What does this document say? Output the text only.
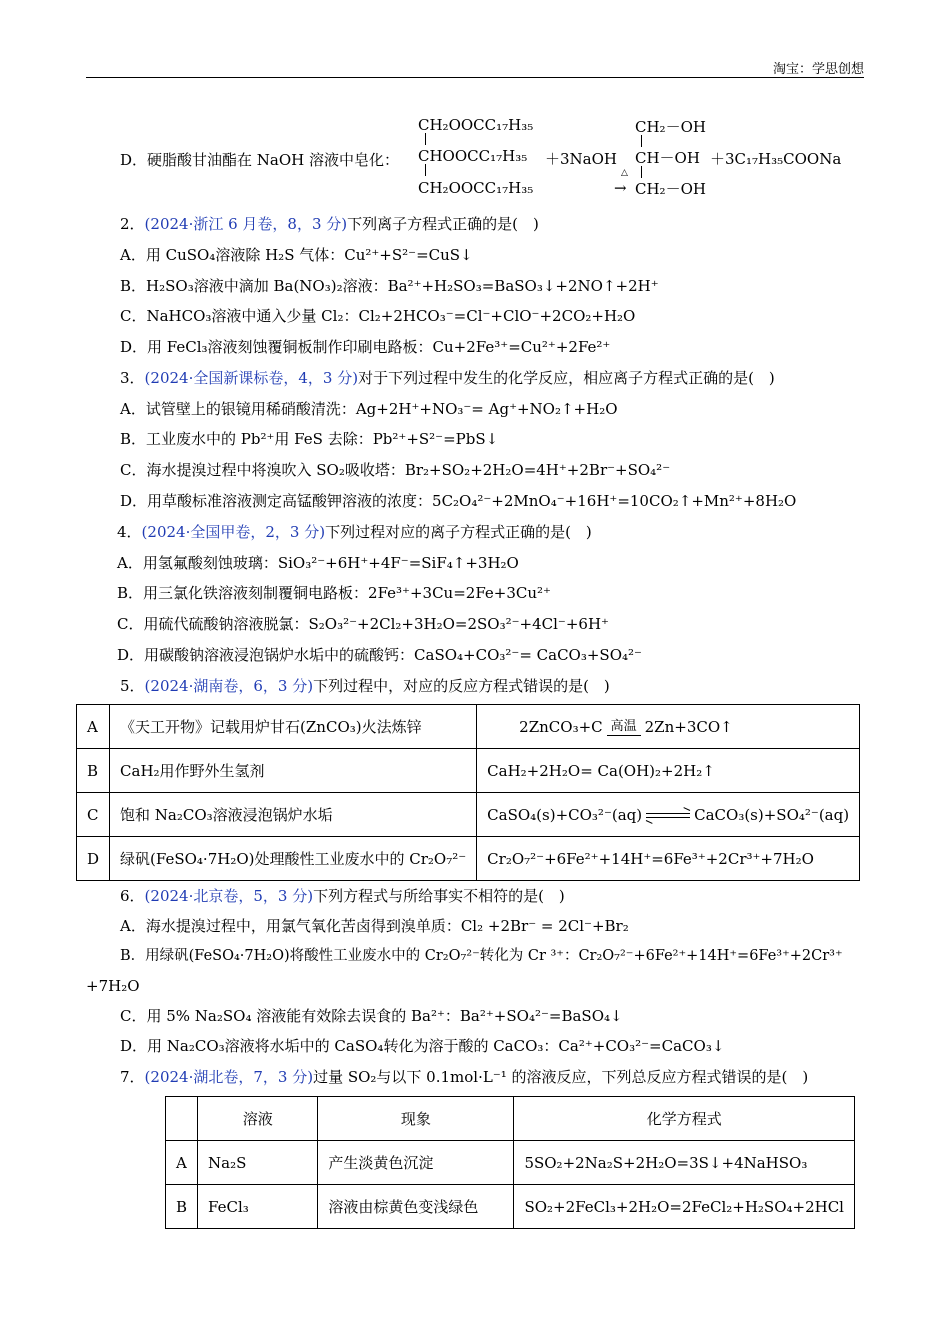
淘宝：学思创想
D．硬脂酸甘油酯在 NaOH 溶液中皂化：
CH₂OOCC₁₇H₃₅
CHOOCC₁₇H₃₅
CH₂OOCC₁₇H₃₅
＋3NaOH
△
→
CH₂－OH
CH－OH
CH₂－OH
＋3C₁₇H₃₅COONa
2．(2024·浙江 6 月卷，8，3 分)下列离子方程式正确的是(　)
A．用 CuSO₄溶液除 H₂S 气体：Cu²⁺+S²⁻=CuS↓
B．H₂SO₃溶液中滴加 Ba(NO₃)₂溶液：Ba²⁺+H₂SO₃=BaSO₃↓+2NO↑+2H⁺
C．NaHCO₃溶液中通入少量 Cl₂：Cl₂+2HCO₃⁻=Cl⁻+ClO⁻+2CO₂+H₂O
D．用 FeCl₃溶液刻蚀覆铜板制作印刷电路板：Cu+2Fe³⁺=Cu²⁺+2Fe²⁺
3．(2024·全国新课标卷，4，3 分)对于下列过程中发生的化学反应，相应离子方程式正确的是(　)
A．试管壁上的银镜用稀硝酸清洗：Ag+2H⁺+NO₃⁻= Ag⁺+NO₂↑+H₂O
B．工业废水中的 Pb²⁺用 FeS 去除：Pb²⁺+S²⁻=PbS↓
C．海水提溴过程中将溴吹入 SO₂吸收塔：Br₂+SO₂+2H₂O=4H⁺+2Br⁻+SO₄²⁻
D．用草酸标准溶液测定高锰酸钾溶液的浓度：5C₂O₄²⁻+2MnO₄⁻+16H⁺=10CO₂↑+Mn²⁺+8H₂O
4．(2024·全国甲卷，2，3 分)下列过程对应的离子方程式正确的是(　)
A．用氢氟酸刻蚀玻璃：SiO₃²⁻+6H⁺+4F⁻=SiF₄↑+3H₂O
B．用三氯化铁溶液刻制覆铜电路板：2Fe³⁺+3Cu=2Fe+3Cu²⁺
C．用硫代硫酸钠溶液脱氯：S₂O₃²⁻+2Cl₂+3H₂O=2SO₃²⁻+4Cl⁻+6H⁺
D．用碳酸钠溶液浸泡锅炉水垢中的硫酸钙：CaSO₄+CO₃²⁻= CaCO₃+SO₄²⁻
5．(2024·湖南卷，6，3 分)下列过程中，对应的反应方程式错误的是(　)
A	《天工开物》记载用炉甘石(ZnCO₃)火法炼锌	2ZnCO₃+C 高温 2Zn+3CO↑
B	CaH₂用作野外生氢剂	CaH₂+2H₂O= Ca(OH)₂+2H₂↑
C	饱和 Na₂CO₃溶液浸泡锅炉水垢	CaSO₄(s)+CO₃²⁻(aq) ⇌ CaCO₃(s)+SO₄²⁻(aq)
D	绿矾(FeSO₄·7H₂O)处理酸性工业废水中的 Cr₂O₇²⁻	Cr₂O₇²⁻+6Fe²⁺+14H⁺=6Fe³⁺+2Cr³⁺+7H₂O
6．(2024·北京卷，5，3 分)下列方程式与所给事实不相符的是(　)
A．海水提溴过程中，用氯气氧化苦卤得到溴单质：Cl₂ +2Br⁻ = 2Cl⁻+Br₂
B．用绿矾(FeSO₄·7H₂O)将酸性工业废水中的 Cr₂O₇²⁻转化为 Cr ³⁺：Cr₂O₇²⁻+6Fe²⁺+14H⁺=6Fe³⁺+2Cr³⁺
+7H₂O
C．用 5% Na₂SO₄ 溶液能有效除去误食的 Ba²⁺：Ba²⁺+SO₄²⁻=BaSO₄↓
D．用 Na₂CO₃溶液将水垢中的 CaSO₄转化为溶于酸的 CaCO₃：Ca²⁺+CO₃²⁻=CaCO₃↓
7．(2024·湖北卷，7，3 分)过量 SO₂与以下 0.1mol·L⁻¹ 的溶液反应，下列总反应方程式错误的是(　)
	溶液	现象	化学方程式
A	Na₂S	产生淡黄色沉淀	5SO₂+2Na₂S+2H₂O=3S↓+4NaHSO₃
B	FeCl₃	溶液由棕黄色变浅绿色	SO₂+2FeCl₃+2H₂O=2FeCl₂+H₂SO₄+2HCl
